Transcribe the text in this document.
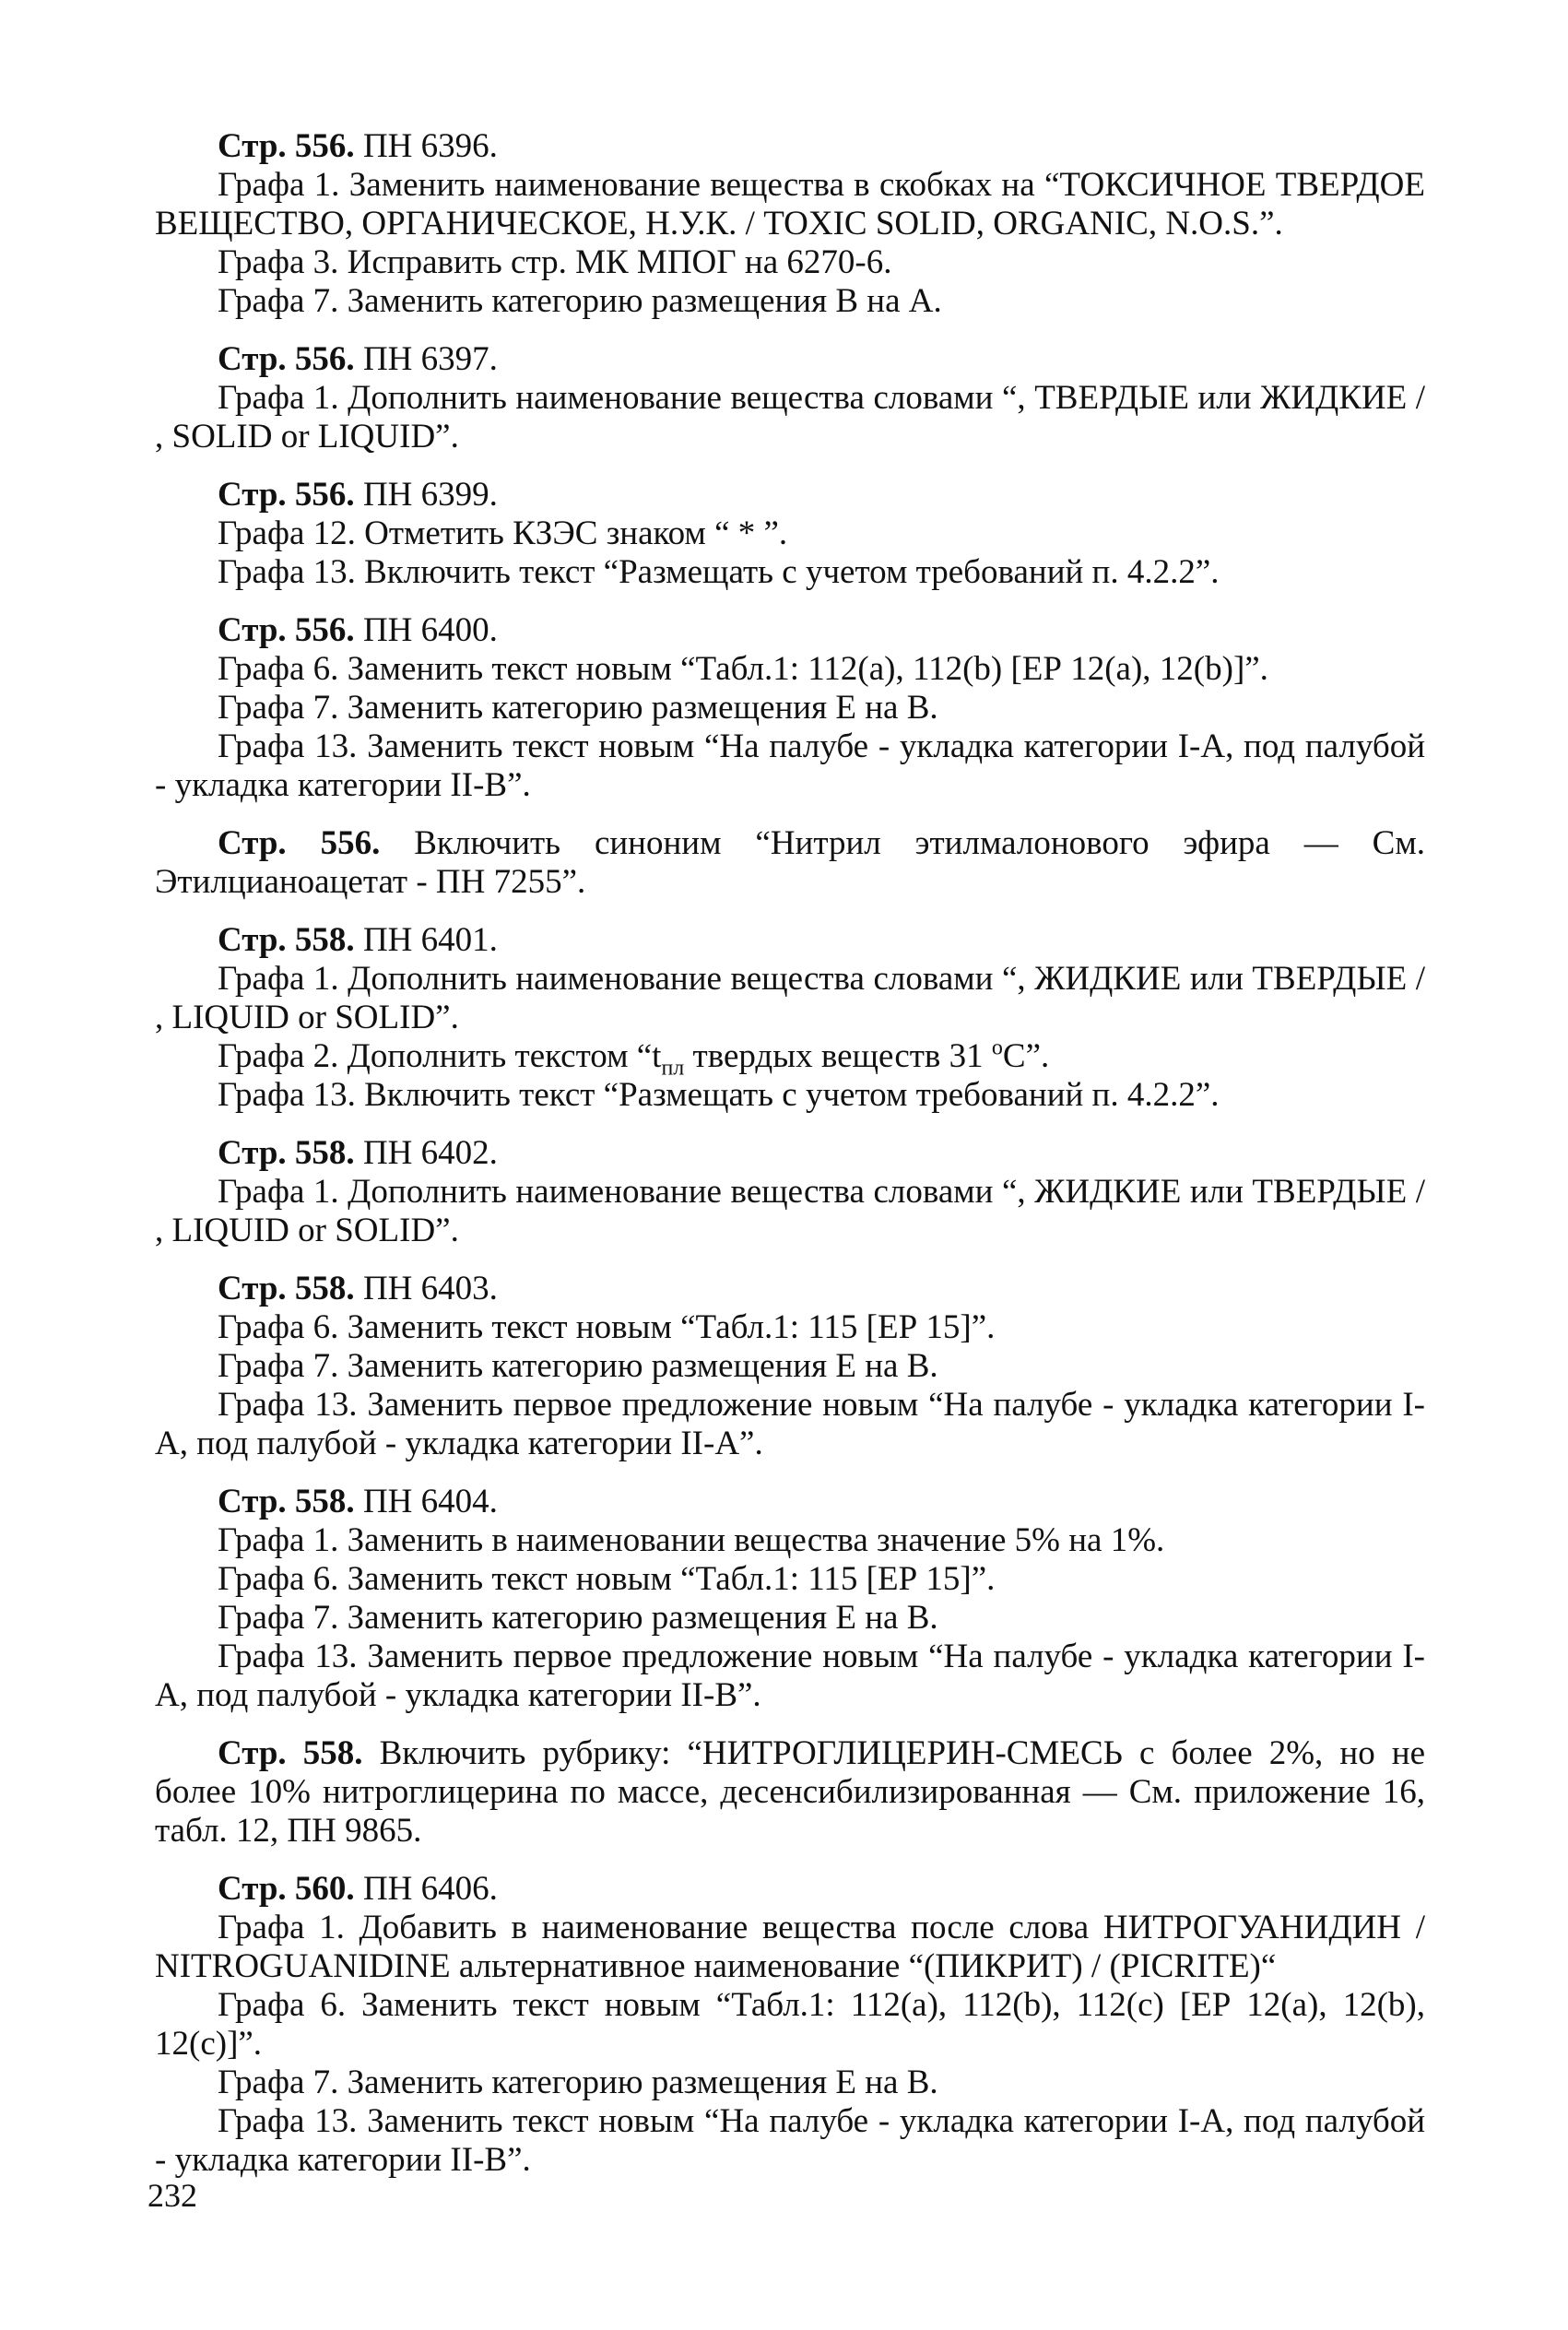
Стр. 556. ПН 6396.
Графа 1. Заменить наименование вещества в скобках на “ТОКСИЧНОЕ ТВЕРДОЕ ВЕЩЕСТВО, ОРГАНИЧЕСКОЕ, Н.У.К. / TOXIC SOLID, ORGANIC, N.O.S.”.
Графа 3. Исправить стр. МК МПОГ на 6270-6.
Графа 7. Заменить категорию размещения В на А.
Стр. 556. ПН 6397.
Графа 1. Дополнить наименование вещества словами “, ТВЕРДЫЕ или ЖИДКИЕ / , SOLID or LIQUID”.
Стр. 556. ПН 6399.
Графа 12. Отметить КЗЭС знаком “ * ”.
Графа 13. Включить текст “Размещать с учетом требований п. 4.2.2”.
Стр. 556. ПН 6400.
Графа 6. Заменить текст новым “Табл.1: 112(а), 112(b) [ЕР 12(а), 12(b)]”.
Графа 7. Заменить категорию размещения Е на В.
Графа 13. Заменить текст новым “На палубе - укладка категории I-A, под палубой - укладка категории II-В”.
Стр. 556. Включить синоним “Нитрил этилмалонового эфира — См. Этилцианоацетат - ПН 7255”.
Стр. 558. ПН 6401.
Графа 1. Дополнить наименование вещества словами “, ЖИДКИЕ или ТВЕРДЫЕ / , LIQUID or SOLID”.
Графа 2. Дополнить текстом “$t_{пл}$ твердых веществ 31 $^o$C”.
Графа 13. Включить текст “Размещать с учетом требований п. 4.2.2”.
Стр. 558. ПН 6402.
Графа 1. Дополнить наименование вещества словами “, ЖИДКИЕ или ТВЕРДЫЕ / , LIQUID or SOLID”.
Стр. 558. ПН 6403.
Графа 6. Заменить текст новым “Табл.1: 115 [ЕР 15]”.
Графа 7. Заменить категорию размещения Е на В.
Графа 13. Заменить первое предложение новым “На палубе - укладка категории I-A, под палубой - укладка категории II-А”.
Стр. 558. ПН 6404.
Графа 1. Заменить в наименовании вещества значение 5% на 1%.
Графа 6. Заменить текст новым “Табл.1: 115 [ЕР 15]”.
Графа 7. Заменить категорию размещения Е на В.
Графа 13. Заменить первое предложение новым “На палубе - укладка категории I-A, под палубой - укладка категории II-В”.
Стр. 558. Включить рубрику: “НИТРОГЛИЦЕРИН-СМЕСЬ с более 2%, но не более 10% нитроглицерина по массе, десенсибилизированная — См. приложение 16, табл. 12, ПН 9865.
Стр. 560. ПН 6406.
Графа 1. Добавить в наименование вещества после слова НИТРОГУАНИДИН / NITROGUANIDINE альтернативное наименование “(ПИКРИТ) / (PICRITE)“
Графа 6. Заменить текст новым “Табл.1: 112(а), 112(b), 112(с) [ЕР 12(а), 12(b), 12(с)]”.
Графа 7. Заменить категорию размещения Е на В.
Графа 13. Заменить текст новым “На палубе - укладка категории I-A, под палубой - укладка категории II-В”.
232
